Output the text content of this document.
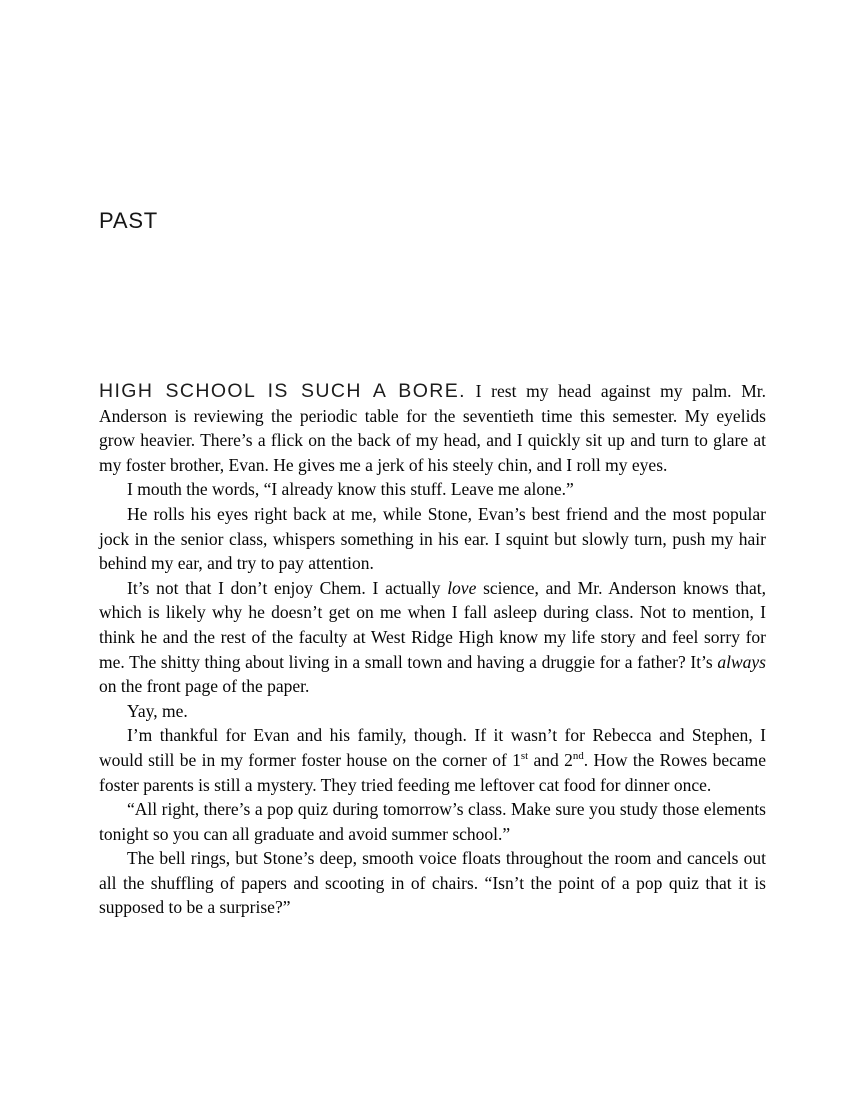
PAST

HIGH SCHOOL IS SUCH A BORE. I rest my head against my palm. Mr. Anderson is reviewing the periodic table for the seventieth time this semester. My eyelids grow heavier. There’s a flick on the back of my head, and I quickly sit up and turn to glare at my foster brother, Evan. He gives me a jerk of his steely chin, and I roll my eyes.

I mouth the words, “I already know this stuff. Leave me alone.”

He rolls his eyes right back at me, while Stone, Evan’s best friend and the most popular jock in the senior class, whispers something in his ear. I squint but slowly turn, push my hair behind my ear, and try to pay attention.

It’s not that I don’t enjoy Chem. I actually love science, and Mr. Anderson knows that, which is likely why he doesn’t get on me when I fall asleep during class. Not to mention, I think he and the rest of the faculty at West Ridge High know my life story and feel sorry for me. The shitty thing about living in a small town and having a druggie for a father? It’s always on the front page of the paper.

Yay, me.

I’m thankful for Evan and his family, though. If it wasn’t for Rebecca and Stephen, I would still be in my former foster house on the corner of 1st and 2nd. How the Rowes became foster parents is still a mystery. They tried feeding me leftover cat food for dinner once.

“All right, there’s a pop quiz during tomorrow’s class. Make sure you study those elements tonight so you can all graduate and avoid summer school.”

The bell rings, but Stone’s deep, smooth voice floats throughout the room and cancels out all the shuffling of papers and scooting in of chairs. “Isn’t the point of a pop quiz that it is supposed to be a surprise?”
